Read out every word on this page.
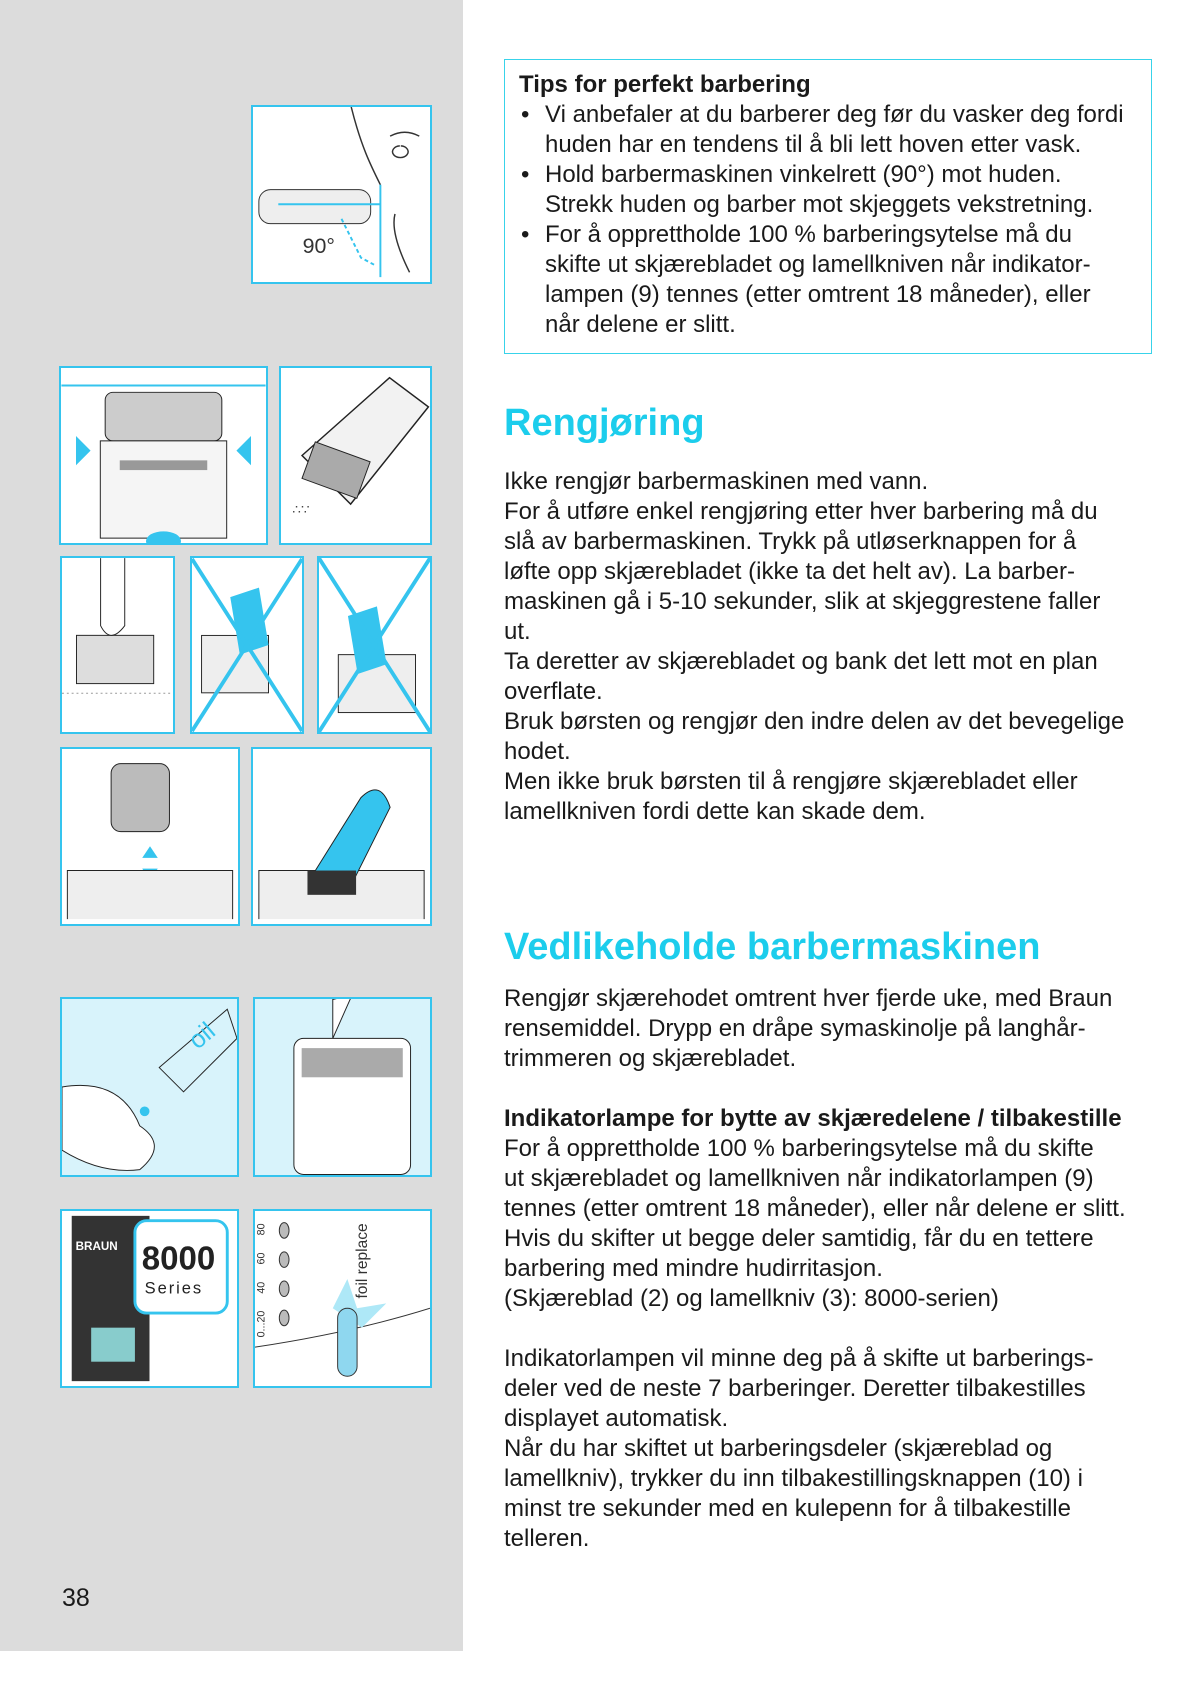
90°
∴∵
oil
BRAUN 8000
Series
0...20
40
60
80	foil replace
38
Tips for perfekt barbering
• Vi anbefaler at du barberer deg før du vasker deg fordi
huden har en tendens til å bli lett hoven etter vask.
• Hold barbermaskinen vinkelrett (90°) mot huden.
Strekk huden og barber mot skjeggets vekstretning.
• For å opprettholde 100 % barberingsytelse må du
skifte ut skjærebladet og lamellkniven når indikator-
lampen (9) tennes (etter omtrent 18 måneder), eller
når delene er slitt.
Rengjøring
Ikke rengjør barbermaskinen med vann.
For å utføre enkel rengjøring etter hver barbering må du
slå av barbermaskinen. Trykk på utløserknappen for å
løfte opp skjærebladet (ikke ta det helt av). La barber-
maskinen gå i 5-10 sekunder, slik at skjeggrestene faller
ut.
Ta deretter av skjærebladet og bank det lett mot en plan
overflate.
Bruk børsten og rengjør den indre delen av det bevegelige
hodet.
Men ikke bruk børsten til å rengjøre skjærebladet eller
lamellkniven fordi dette kan skade dem.
Vedlikeholde barbermaskinen
Rengjør skjærehodet omtrent hver fjerde uke, med Braun
rensemiddel. Drypp en dråpe symaskinolje på langhår-
trimmeren og skjærebladet.
Indikatorlampe for bytte av skjæredelene / tilbakestille
For å opprettholde 100 % barberingsytelse må du skifte
ut skjærebladet og lamellkniven når indikatorlampen (9)
tennes (etter omtrent 18 måneder), eller når delene er slitt.
Hvis du skifter ut begge deler samtidig, får du en tettere
barbering med mindre hudirritasjon.
(Skjæreblad (2) og lamellkniv (3): 8000-serien)
Indikatorlampen vil minne deg på å skifte ut barberings-
deler ved de neste 7 barberinger. Deretter tilbakestilles
displayet automatisk.
Når du har skiftet ut barberingsdeler (skjæreblad og
lamellkniv), trykker du inn tilbakestillingsknappen (10) i
minst tre sekunder med en kulepenn for å tilbakestille
telleren.
